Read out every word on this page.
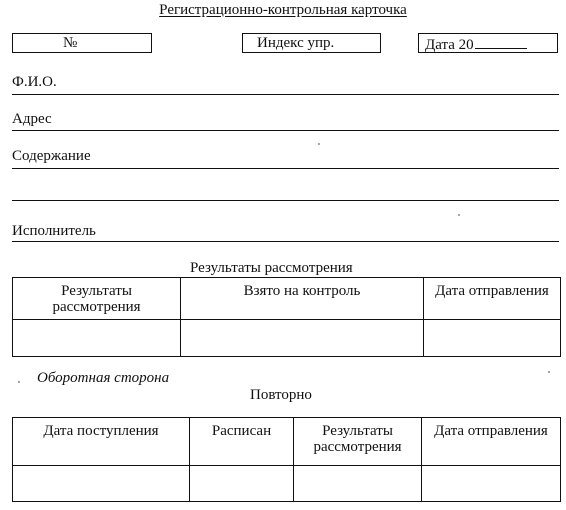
Регистрационно-контрольная карточка
№	Индекс упр.	Дата 20
Ф.И.О.
Адрес
Содержание
Исполнитель
Результаты рассмотрения
Результаты рассмотрения	Взято на контроль	Дата отправления

Оборотная сторона
Повторно
Дата поступления	Расписан	Результаты рассмотрения	Дата отправления
